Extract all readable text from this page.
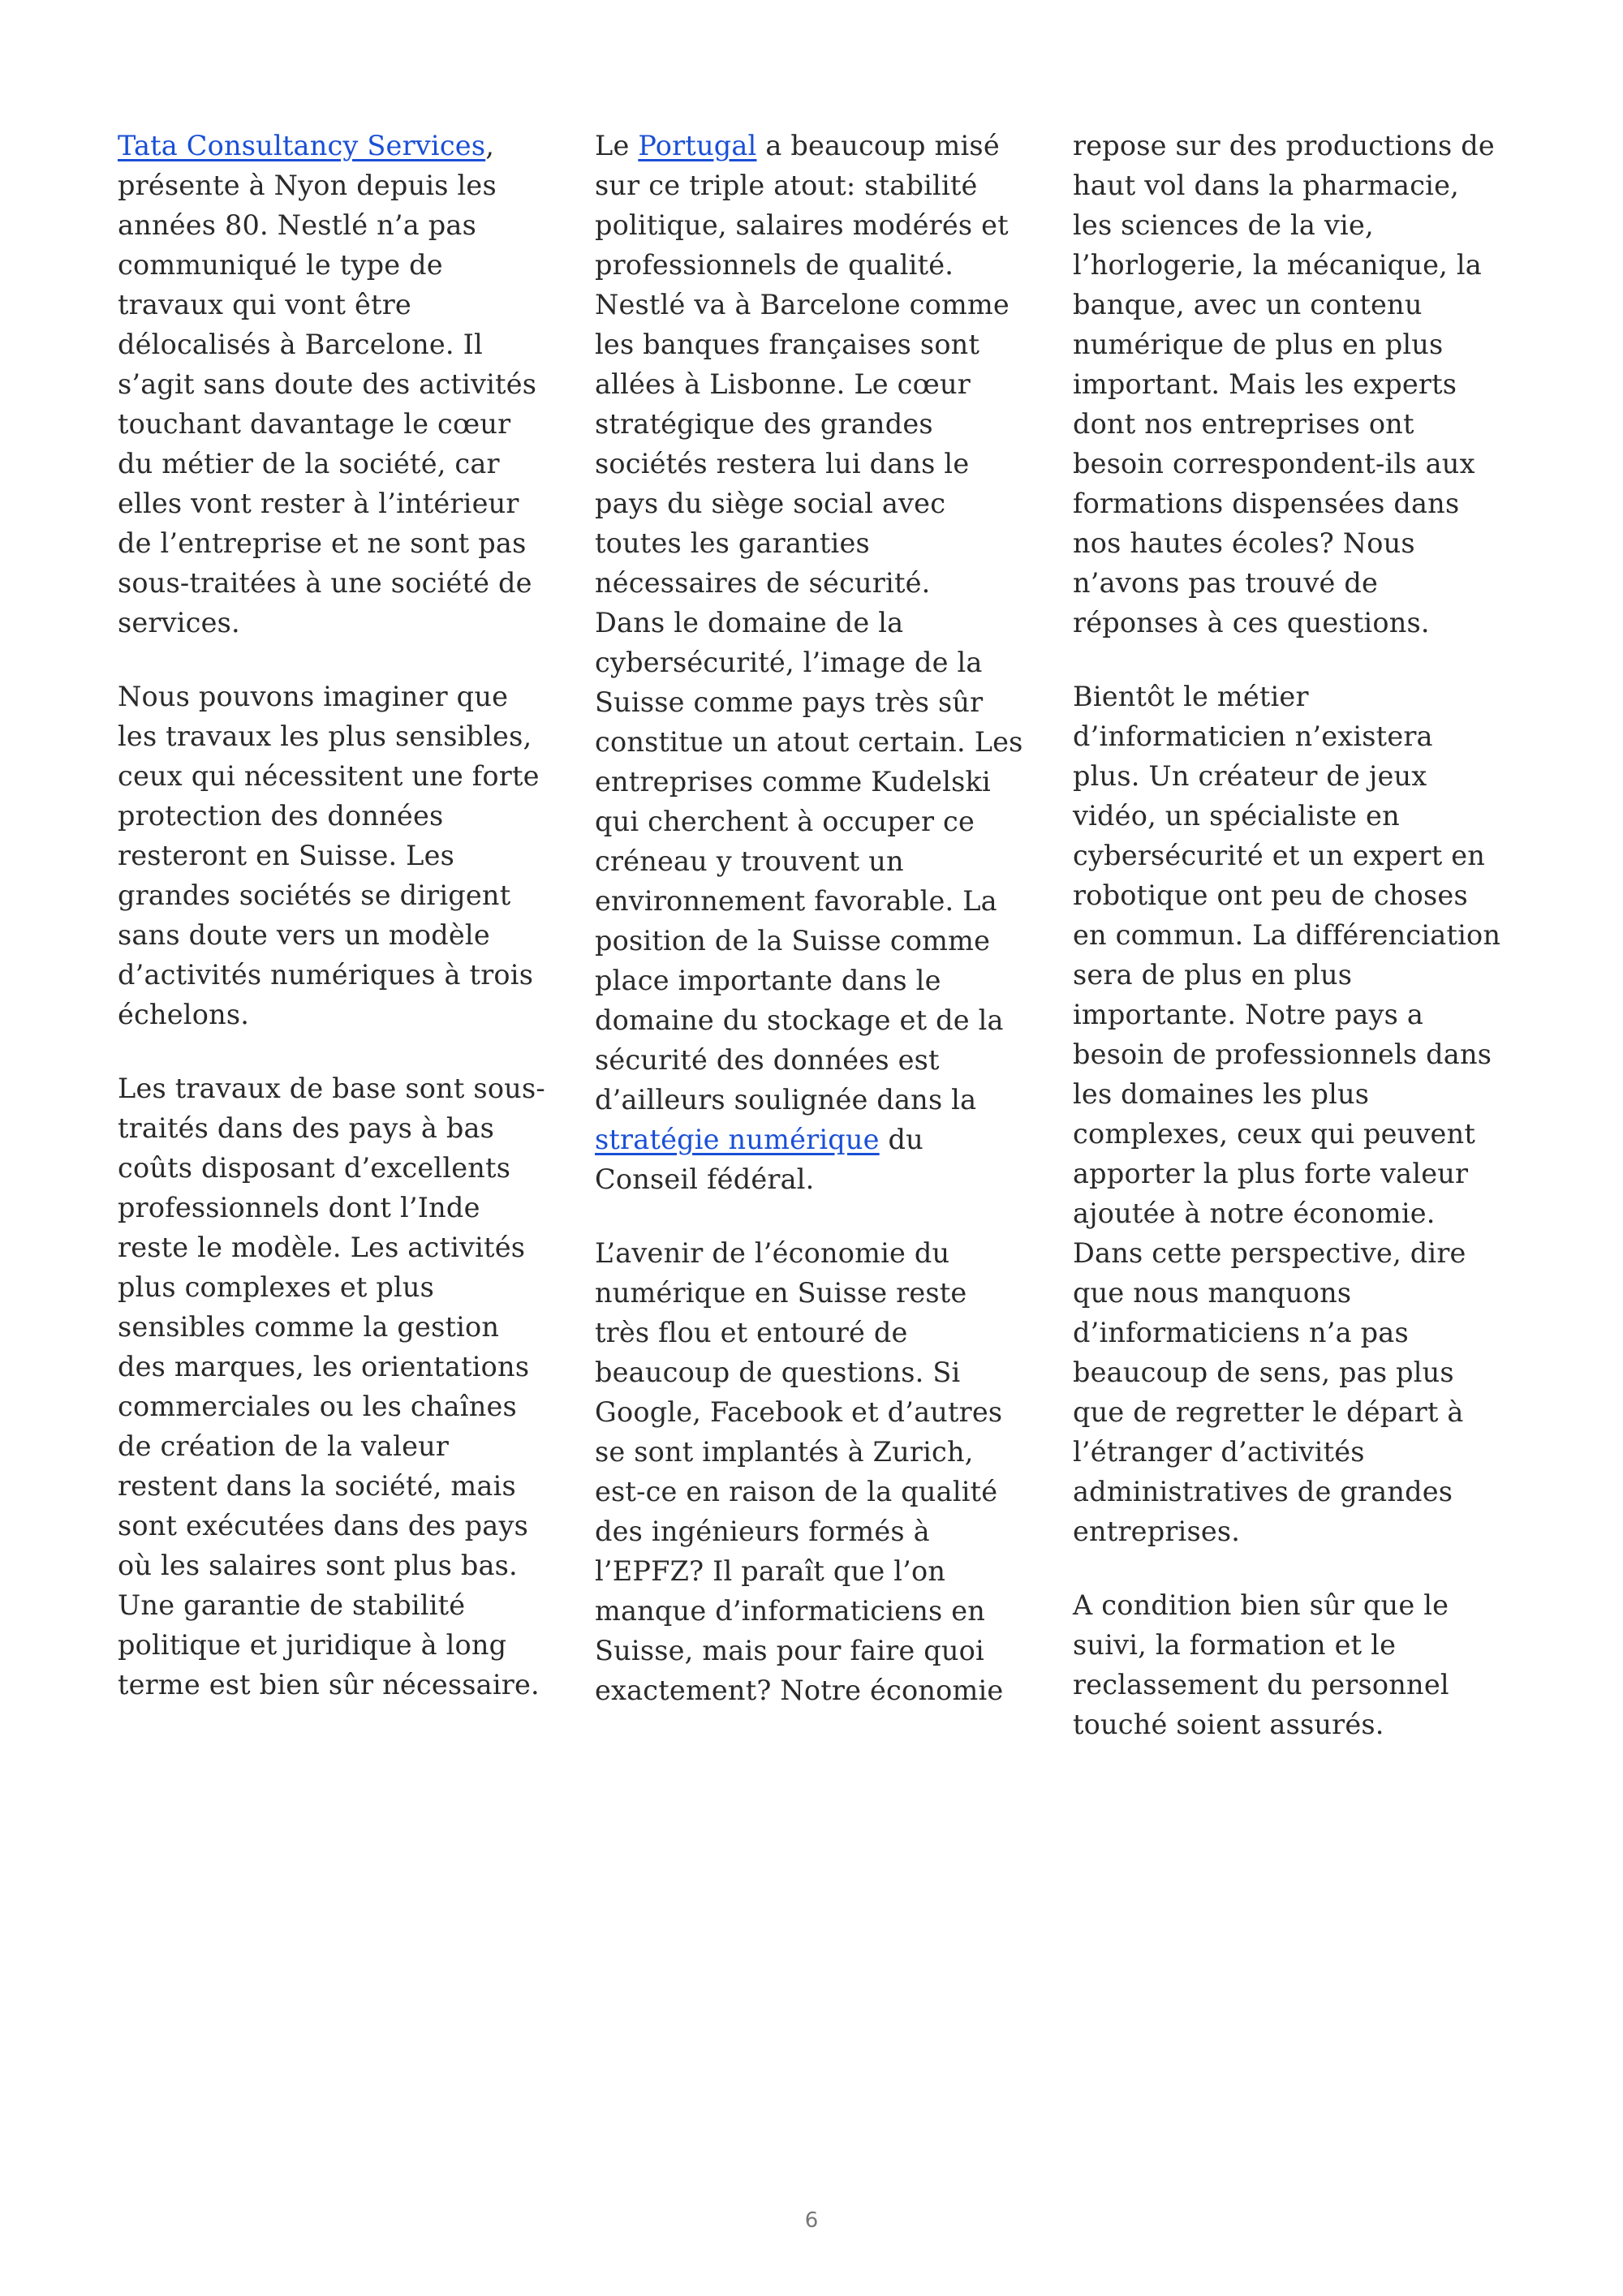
Tata Consultancy Services, présente à Nyon depuis les années 80. Nestlé n’a pas communiqué le type de travaux qui vont être délocalisés à Barcelone. Il s’agit sans doute des activités touchant davantage le cœur du métier de la société, car elles vont rester à l’intérieur de l’entreprise et ne sont pas sous-traitées à une société de services.

Nous pouvons imaginer que les travaux les plus sensibles, ceux qui nécessitent une forte protection des données resteront en Suisse. Les grandes sociétés se dirigent sans doute vers un modèle d’activités numériques à trois échelons.

Les travaux de base sont sous-traités dans des pays à bas coûts disposant d’excellents professionnels dont l’Inde reste le modèle. Les activités plus complexes et plus sensibles comme la gestion des marques, les orientations commerciales ou les chaînes de création de la valeur restent dans la société, mais sont exécutées dans des pays où les salaires sont plus bas. Une garantie de stabilité politique et juridique à long terme est bien sûr nécessaire.

Le Portugal a beaucoup misé sur ce triple atout: stabilité politique, salaires modérés et professionnels de qualité. Nestlé va à Barcelone comme les banques françaises sont allées à Lisbonne. Le cœur stratégique des grandes sociétés restera lui dans le pays du siège social avec toutes les garanties nécessaires de sécurité.

Dans le domaine de la cybersécurité, l’image de la Suisse comme pays très sûr constitue un atout certain. Les entreprises comme Kudelski qui cherchent à occuper ce créneau y trouvent un environnement favorable. La position de la Suisse comme place importante dans le domaine du stockage et de la sécurité des données est d’ailleurs soulignée dans la stratégie numérique du Conseil fédéral.

L’avenir de l’économie du numérique en Suisse reste très flou et entouré de beaucoup de questions. Si Google, Facebook et d’autres se sont implantés à Zurich, est-ce en raison de la qualité des ingénieurs formés à l’EPFZ? Il paraît que l’on manque d’informaticiens en Suisse, mais pour faire quoi exactement? Notre économie

repose sur des productions de haut vol dans la pharmacie, les sciences de la vie, l’horlogerie, la mécanique, la banque, avec un contenu numérique de plus en plus important. Mais les experts dont nos entreprises ont besoin correspondent-ils aux formations dispensées dans nos hautes écoles? Nous n’avons pas trouvé de réponses à ces questions.

Bientôt le métier d’informaticien n’existera plus. Un créateur de jeux vidéo, un spécialiste en cybersécurité et un expert en robotique ont peu de choses en commun. La différenciation sera de plus en plus importante. Notre pays a besoin de professionnels dans les domaines les plus complexes, ceux qui peuvent apporter la plus forte valeur ajoutée à notre économie. Dans cette perspective, dire que nous manquons d’informaticiens n’a pas beaucoup de sens, pas plus que de regretter le départ à l’étranger d’activités administratives de grandes entreprises.

A condition bien sûr que le suivi, la formation et le reclassement du personnel touché soient assurés.

6
